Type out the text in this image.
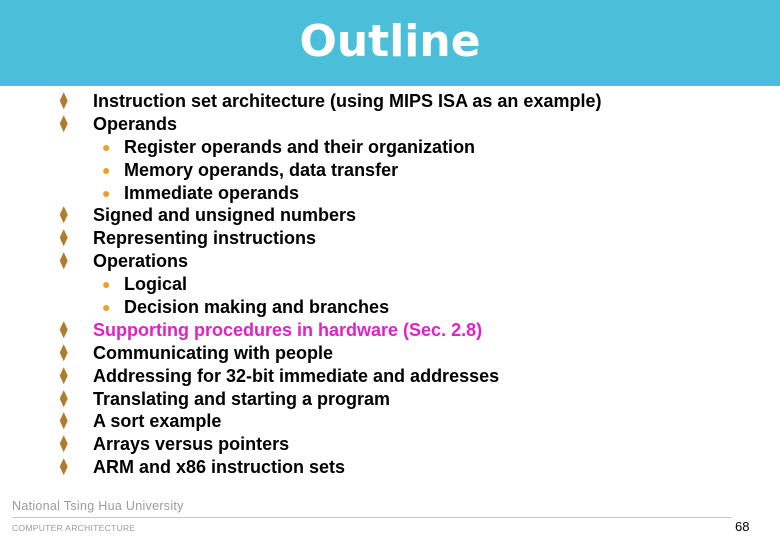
Outline
⧫ Instruction set architecture (using MIPS ISA as an example)
⧫ Operands
● Register operands and their organization
● Memory operands, data transfer
● Immediate operands
⧫ Signed and unsigned numbers
⧫ Representing instructions
⧫ Operations
● Logical
● Decision making and branches
⧫ Supporting procedures in hardware (Sec. 2.8)
⧫ Communicating with people
⧫ Addressing for 32-bit immediate and addresses
⧫ Translating and starting a program
⧫ A sort example
⧫ Arrays versus pointers
⧫ ARM and x86 instruction sets
National Tsing Hua University
COMPUTER ARCHITECTURE	68
